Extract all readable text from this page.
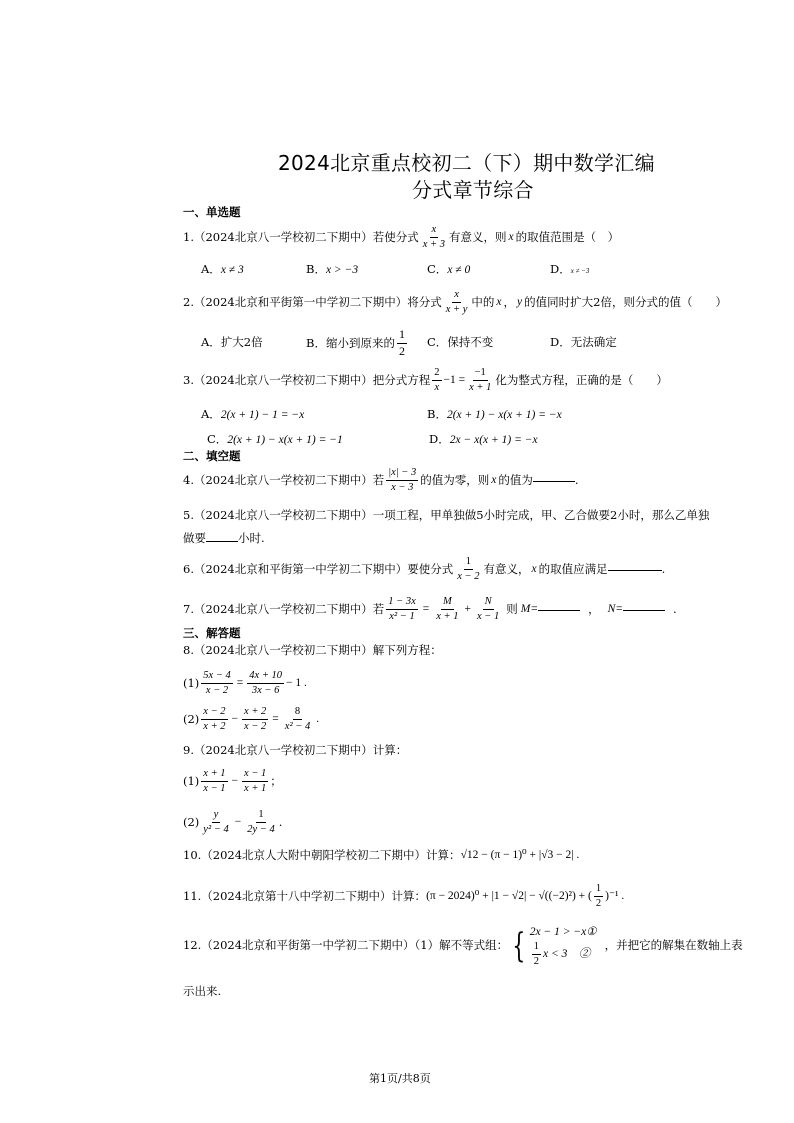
2024北京重点校初二（下）期中数学汇编
分式章节综合
一、单选题
1.（2024北京八一学校初二下期中）若使分式 $\frac{x}{x + 3}$ 有意义，则 x 的取值范围是（　）
A．x ≠ 3	B．x > −3	C．x ≠ 0	D．x ≠ −3
2.（2024北京和平街第一中学初二下期中）将分式 $\frac{x}{x + y}$ 中的 x ， y 的值同时扩大2倍，则分式的值（　　）
A．扩大2倍	B． 缩小到原来的 $\frac{1}{2}$ C．保持不变	D．无法确定
3.（2024北京八一学校初二下期中）把分式方程 $\frac{2}{x} -1 = \frac{-1}{x + 1}$ 化为整式方程，正确的是（　　）
A．2(x + 1) − 1 = −x	B．2(x + 1) − x(x + 1) = −x
C．2(x + 1) − x(x + 1) = −1	D．2x − x(x + 1) = −x
二、填空题
4.（2024北京八一学校初二下期中）若 $\frac{|x| - 3}{x - 3}$ 的值为零，则 x 的值为	.
5.（2024北京八一学校初二下期中）一项工程，甲单独做5小时完成，甲、乙合做要2小时，那么乙单独
做要	小时.
6.（2024北京和平街第一中学初二下期中）要使分式 $\frac{1}{x - 2}$ 有意义， x 的取值应满足	.
7.（2024北京八一学校初二下期中）若 $\frac{1 - 3x}{\text{x² − 1}} = \frac{M}{x + 1} + \frac{N}{x - 1}$ 则 M=	， N=	.
三、解答题
8.（2024北京八一学校初二下期中）解下列方程：
$(1) \frac{5x - 4}{x - 2} = \frac{4x + 10}{3x - 6} - 1$ .
$(2) \frac{x - 2}{x + 2} - \frac{x + 2}{x - 2} = \frac{8}{\text{x² − 4}}$ .
9.（2024北京八一学校初二下期中）计算：
$(1) \frac{x + 1}{x - 1} - \frac{x - 1}{x + 1}$ ；
$(2) \frac{y}{\text{y² − 4}} - \frac{1}{2y - 4}$ .
10.（2024北京人大附中朝阳学校初二下期中）计算： √12 − (π − 1)⁰ + |√3 − 2| .
11.（2024北京第十八中学初二下期中）计算： (π − 2024)⁰ + |1 − √2| − √((−2)²) + ( $\frac{1}{2} )^{-1}$ .
12.（2024北京和平街第一中学初二下期中）（1）解不等式组： { 2x − 1 > −x①
$\frac{1}{2}$ x < 3　②
，并把它的解集在数轴上表
示出来.
第1页/共8页
